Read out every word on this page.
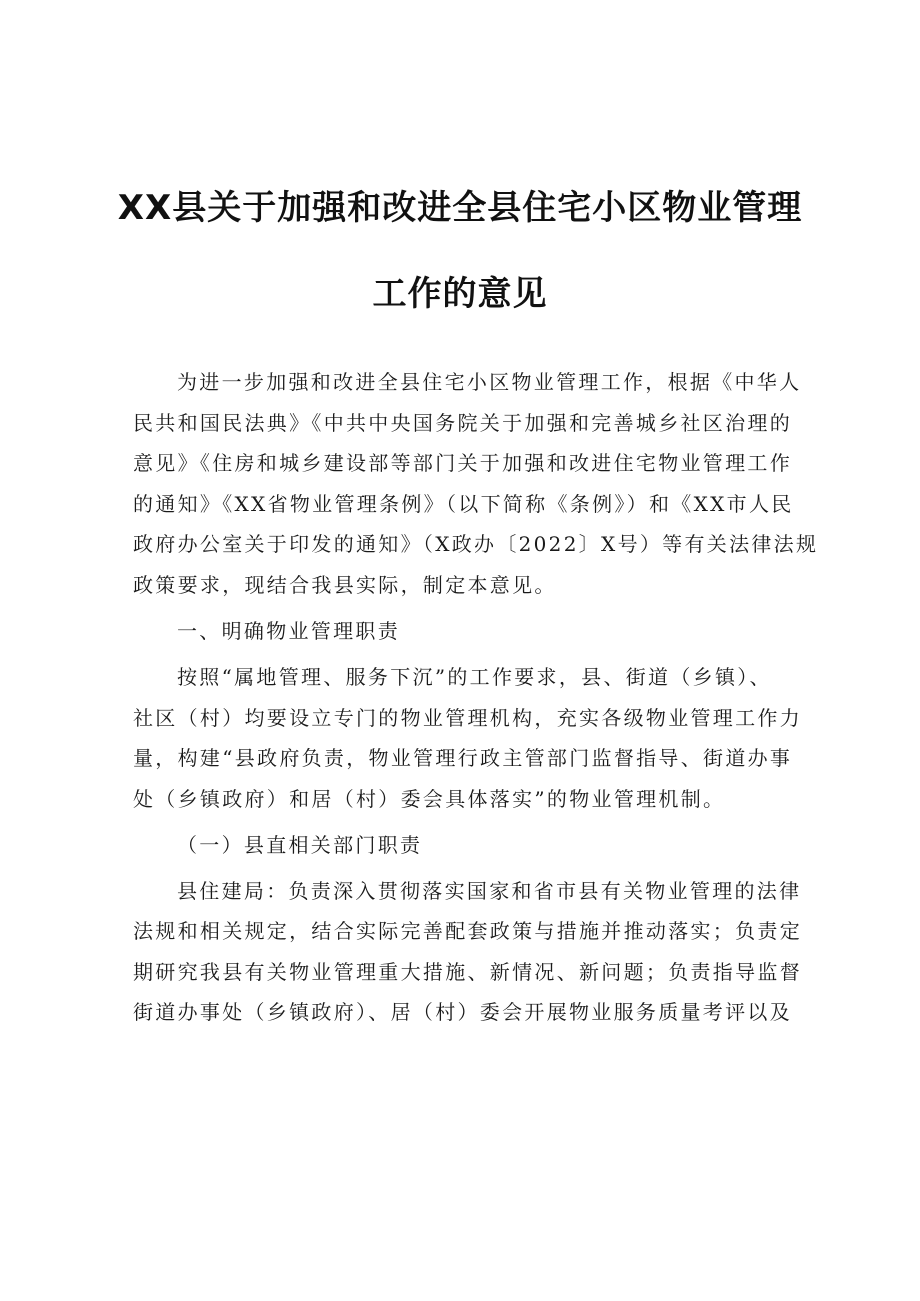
XX县关于加强和改进全县住宅小区物业管理
工作的意见

为进一步加强和改进全县住宅小区物业管理工作，根据《中华人
民共和国民法典》《中共中央国务院关于加强和完善城乡社区治理的
意见》《住房和城乡建设部等部门关于加强和改进住宅物业管理工作
的通知》《XX省物业管理条例》（以下简称《条例》）和《XX市人民
政府办公室关于印发的通知》（X政办〔2022〕X号）等有关法律法规
政策要求，现结合我县实际，制定本意见。

一、明确物业管理职责

按照“属地管理、服务下沉”的工作要求，县、街道（乡镇）、
社区（村）均要设立专门的物业管理机构，充实各级物业管理工作力
量，构建“县政府负责，物业管理行政主管部门监督指导、街道办事
处（乡镇政府）和居（村）委会具体落实”的物业管理机制。

（一）县直相关部门职责

县住建局：负责深入贯彻落实国家和省市县有关物业管理的法律
法规和相关规定，结合实际完善配套政策与措施并推动落实；负责定
期研究我县有关物业管理重大措施、新情况、新问题；负责指导监督
街道办事处（乡镇政府）、居（村）委会开展物业服务质量考评以及
